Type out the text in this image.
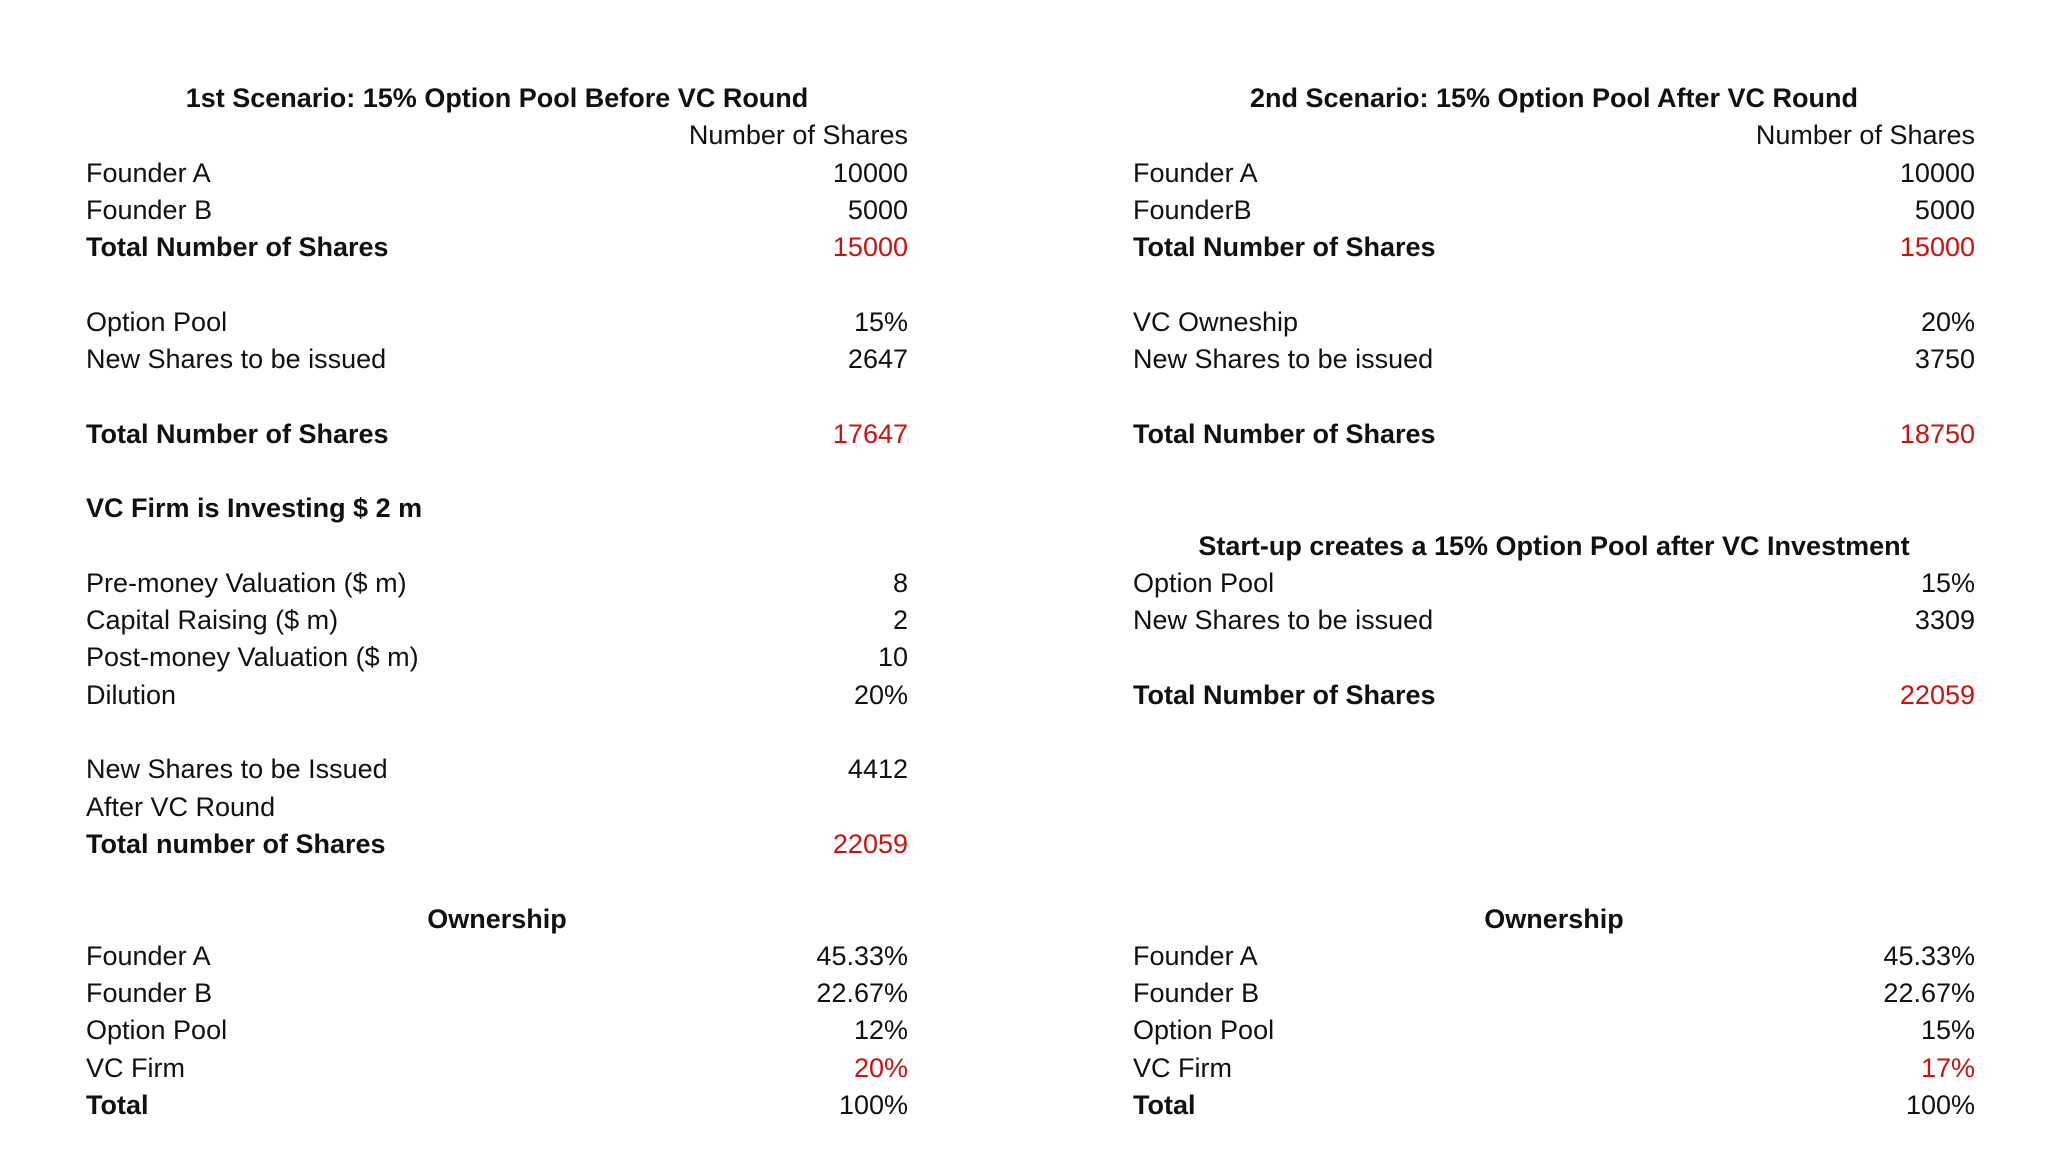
1st Scenario: 15% Option Pool Before VC Round
Number of Shares
Founder A	10000
Founder B	5000
Total Number of Shares	15000
Option Pool	15%
New Shares to be issued	2647
Total Number of Shares	17647
VC Firm is Investing $ 2 m
Pre-money Valuation ($ m)	8
Capital Raising ($ m)	2
Post-money Valuation ($ m)	10
Dilution	20%
New Shares to be Issued	4412
After VC Round
Total number of Shares	22059
Ownership
Founder A	45.33%
Founder B	22.67%
Option Pool	12%
VC Firm	20%
Total	100%
2nd Scenario: 15% Option Pool After VC Round
Number of Shares
Founder A	10000
FounderB	5000
Total Number of Shares	15000
VC Owneship	20%
New Shares to be issued	3750
Total Number of Shares	18750
Start-up creates a 15% Option Pool after VC Investment
Option Pool	15%
New Shares to be issued	3309
Total Number of Shares	22059
Ownership
Founder A	45.33%
Founder B	22.67%
Option Pool	15%
VC Firm	17%
Total	100%
